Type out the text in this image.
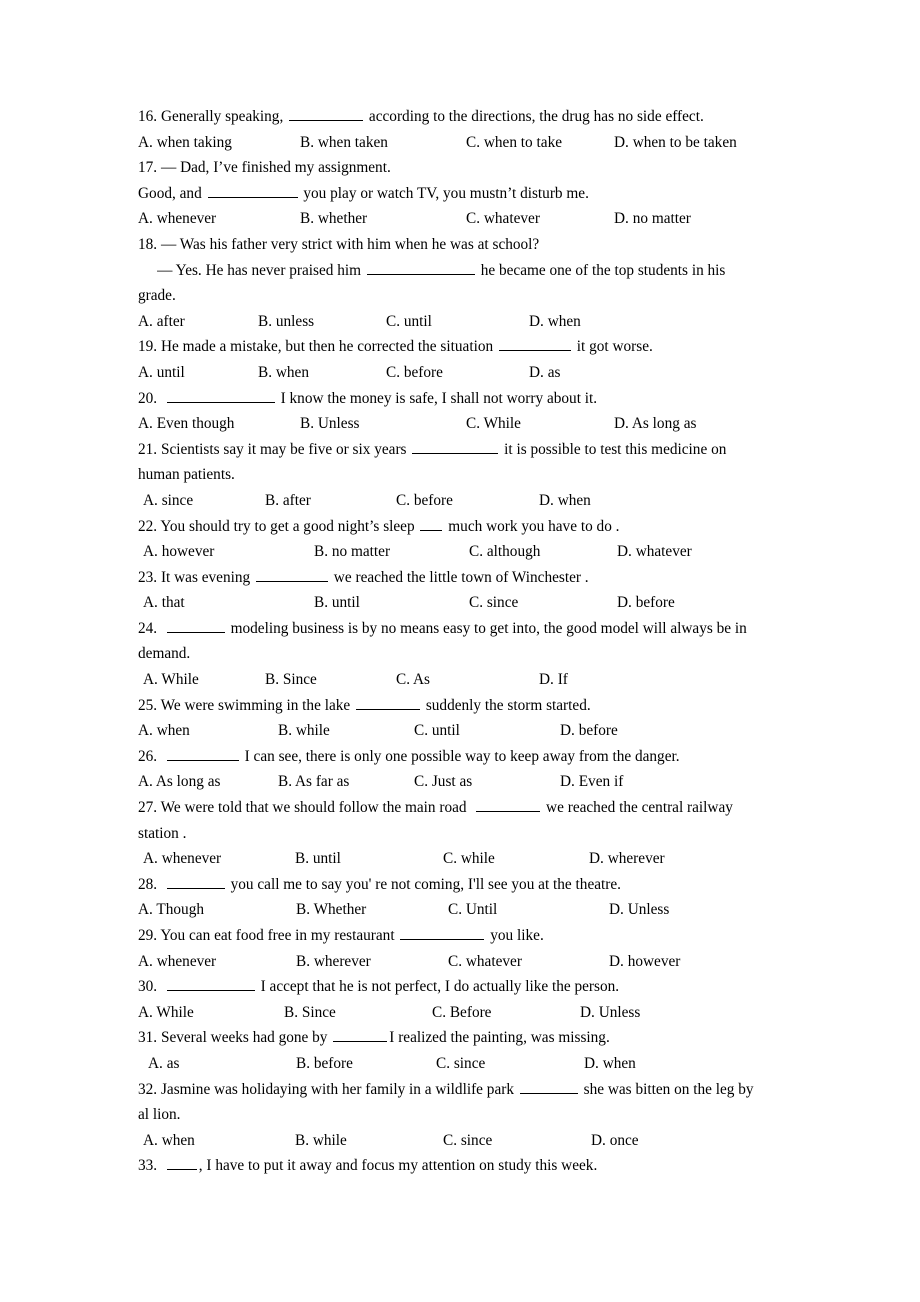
16. Generally speaking,	according to the directions, the drug has no side effect.
A. when taking	B. when taken	C. when to take	D. when to be taken
17. — Dad, I’ve finished my assignment.
Good, and	you play or watch TV, you mustn’t disturb me.
A. whenever	B. whether	C. whatever	D. no matter
18. — Was his father very strict with him when he was at school?
— Yes. He has never praised him	he became one of the top students in his
grade.
A. after	B. unless	C. until	D. when
19. He made a mistake, but then he corrected the situation	it got worse.
A. until	B. when	C. before	D. as
20.	I know the money is safe, I shall not worry about it.
A. Even though	B. Unless	C. While	D. As long as
21. Scientists say it may be five or six years	it is possible to test this medicine on
human patients.
A. since	B. after	C. before	D. when
22. You should try to get a good night’s sleep  much work you have to do .
A. however	B. no matter	C. although	D. whatever
23. It was evening	we reached the little town of Winchester .
A. that	B. until	C. since	D. before
24.	modeling business is by no means easy to get into, the good model will always be in
demand.
A. While	B. Since	C. As	D. If
25. We were swimming in the lake	suddenly the storm started.
A. when	B. while	C. until	D. before
26.	I can see, there is only one possible way to keep away from the danger.
A. As long as	B. As far as	C. Just as	D. Even if
27. We were told that we should follow the main road	we reached the central railway
station .
A. whenever	B. until	C. while	D. wherever
28.	you call me to say you' re not coming, I'll see you at the theatre.
A. Though	B. Whether	C. Until	D. Unless
29. You can eat food free in my restaurant	you like.
A. whenever	B. wherever	C. whatever	D. however
30.	I accept that he is not perfect, I do actually like the person.
A. While	B. Since	C. Before	D. Unless
31. Several weeks had gone by	I realized the painting, was missing.
A. as	B. before	C. since	D. when
32. Jasmine was holidaying with her family in a wildlife park	she was bitten on the leg by
al lion.
A. when	B. while	C. since	D. once
33.	, I have to put it away and focus my attention on study this week.
